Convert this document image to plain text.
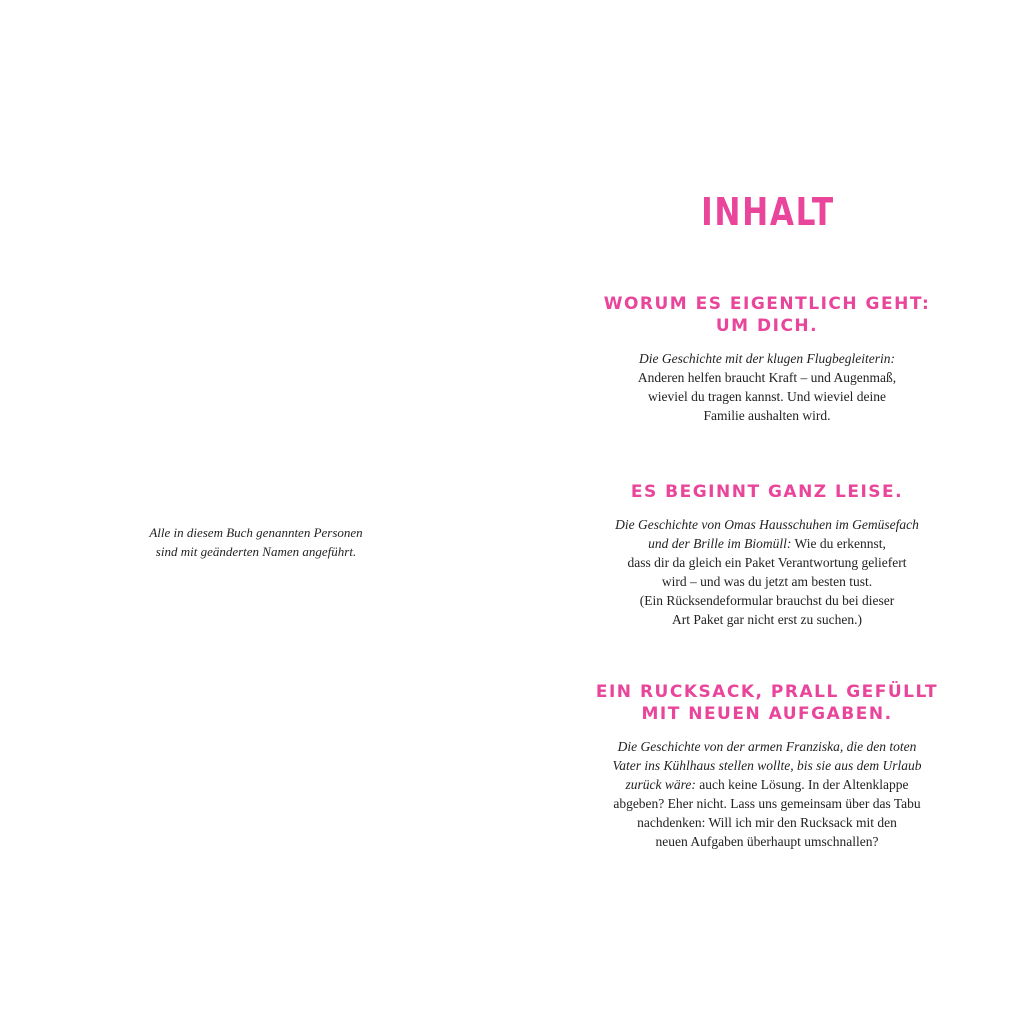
Alle in diesem Buch genannten Personen
sind mit geänderten Namen angeführt.

INHALT
WORUM ES EIGENTLICH GEHT:
UM DICH.

Die Geschichte mit der klugen Flugbegleiterin:
Anderen helfen braucht Kraft – und Augenmaß,
wieviel du tragen kannst. Und wieviel deine
Familie aushalten wird.

ES BEGINNT GANZ LEISE.

Die Geschichte von Omas Hausschuhen im Gemüsefach
und der Brille im Biomüll: Wie du erkennst,
dass dir da gleich ein Paket Verantwortung geliefert
wird – und was du jetzt am besten tust.
(Ein Rücksendeformular brauchst du bei dieser
Art Paket gar nicht erst zu suchen.)

EIN RUCKSACK, PRALL GEFÜLLT
MIT NEUEN AUFGABEN.

Die Geschichte von der armen Franziska, die den toten
Vater ins Kühlhaus stellen wollte, bis sie aus dem Urlaub
zurück wäre: auch keine Lösung. In der Altenklappe
abgeben? Eher nicht. Lass uns gemeinsam über das Tabu
nachdenken: Will ich mir den Rucksack mit den
neuen Aufgaben überhaupt umschnallen?
